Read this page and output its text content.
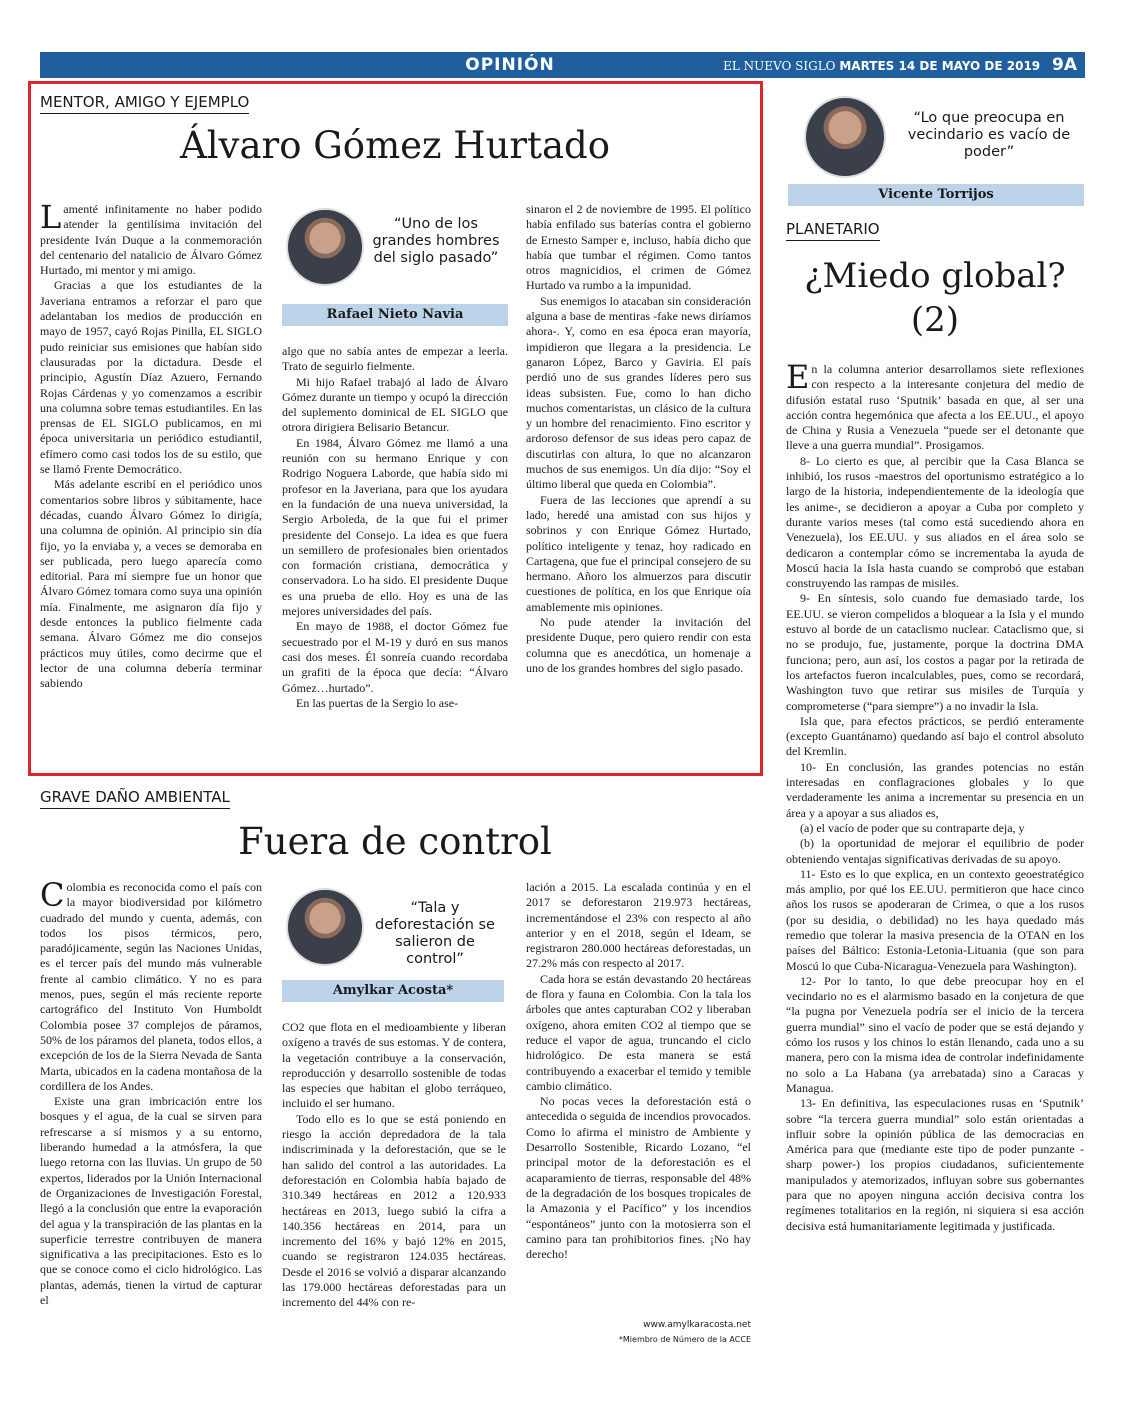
OPINIÓN	EL NUEVO SIGLO MARTES 14 DE MAYO DE 2019 9A
MENTOR, AMIGO Y EJEMPLO
Álvaro Gómez Hurtado

Lamenté infinitamente no haber podido atender la gentilísima invitación del presidente Iván Duque a la conmemoración del centenario del natalicio de Álvaro Gómez Hurtado, mi mentor y mi amigo.

Gracias a que los estudiantes de la Javeriana entramos a reforzar el paro que adelantaban los medios de producción en mayo de 1957, cayó Rojas Pinilla, EL SIGLO pudo reiniciar sus emisiones que habían sido clausuradas por la dictadura. Desde el principio, Agustín Díaz Azuero, Fernando Rojas Cárdenas y yo comenzamos a escribir una columna sobre temas estudiantiles. En las prensas de EL SIGLO publicamos, en mi época universitaria un periódico estudiantil, efímero como casi todos los de su estilo, que se llamó Frente Democrático.

Más adelante escribí en el periódico unos comentarios sobre libros y súbitamente, hace décadas, cuando Álvaro Gómez lo dirigía, una columna de opinión. Al principio sin día fijo, yo la enviaba y, a veces se demoraba en ser publicada, pero luego aparecía como editorial. Para mí siempre fue un honor que Álvaro Gómez tomara como suya una opinión mía. Finalmente, me asignaron día fijo y desde entonces la publico fielmente cada semana. Álvaro Gómez me dio consejos prácticos muy útiles, como decirme que el lector de una columna debería terminar sabiendo

“Uno de los grandes hombres del siglo pasado”
Rafael Nieto Navia

algo que no sabía antes de empezar a leerla. Trato de seguirlo fielmente.

Mi hijo Rafael trabajó al lado de Álvaro Gómez durante un tiempo y ocupó la dirección del suplemento dominical de EL SIGLO que otrora dirigiera Belisario Betancur.

En 1984, Álvaro Gómez me llamó a una reunión con su hermano Enrique y con Rodrigo Noguera Laborde, que había sido mi profesor en la Javeriana, para que los ayudara en la fundación de una nueva universidad, la Sergio Arboleda, de la que fui el primer presidente del Consejo. La idea es que fuera un semillero de profesionales bien orientados con formación cristiana, democrática y conservadora. Lo ha sido. El presidente Duque es una prueba de ello. Hoy es una de las mejores universidades del país.

En mayo de 1988, el doctor Gómez fue secuestrado por el M-19 y duró en sus manos casi dos meses. Él sonreía cuando recordaba un grafiti de la época que decía: “Álvaro Gómez…hurtado”.

En las puertas de la Sergio lo ase-

sinaron el 2 de noviembre de 1995. El político había enfilado sus baterías contra el gobierno de Ernesto Samper e, incluso, había dicho que había que tumbar el régimen. Como tantos otros magnicidios, el crimen de Gómez Hurtado va rumbo a la impunidad.

Sus enemigos lo atacaban sin consideración alguna a base de mentiras -fake news diríamos ahora-. Y, como en esa época eran mayoría, impidieron que llegara a la presidencia. Le ganaron López, Barco y Gaviria. El país perdió uno de sus grandes líderes pero sus ideas subsisten. Fue, como lo han dicho muchos comentaristas, un clásico de la cultura y un hombre del renacimiento. Fino escritor y ardoroso defensor de sus ideas pero capaz de discutirlas con altura, lo que no alcanzaron muchos de sus enemigos. Un día dijo: “Soy el último liberal que queda en Colombia”.

Fuera de las lecciones que aprendí a su lado, heredé una amistad con sus hijos y sobrinos y con Enrique Gómez Hurtado, político inteligente y tenaz, hoy radicado en Cartagena, que fue el principal consejero de su hermano. Añoro los almuerzos para discutir cuestiones de política, en los que Enrique oía amablemente mis opiniones.

No pude atender la invitación del presidente Duque, pero quiero rendir con esta columna que es anecdótica, un homenaje a uno de los grandes hombres del siglo pasado.

GRAVE DAÑO AMBIENTAL
Fuera de control

Colombia es reconocida como el país con la mayor biodiversidad por kilómetro cuadrado del mundo y cuenta, además, con todos los pisos térmicos, pero, paradójicamente, según las Naciones Unidas, es el tercer país del mundo más vulnerable frente al cambio climático. Y no es para menos, pues, según el más reciente reporte cartográfico del Instituto Von Humboldt Colombia posee 37 complejos de páramos, 50% de los páramos del planeta, todos ellos, a excepción de los de la Sierra Nevada de Santa Marta, ubicados en la cadena montañosa de la cordillera de los Andes.

Existe una gran imbricación entre los bosques y el agua, de la cual se sirven para refrescarse a sí mismos y a su entorno, liberando humedad a la atmósfera, la que luego retorna con las lluvias. Un grupo de 50 expertos, liderados por la Unión Internacional de Organizaciones de Investigación Forestal, llegó a la conclusión que entre la evaporación del agua y la transpiración de las plantas en la superficie terrestre contribuyen de manera significativa a las precipitaciones. Esto es lo que se conoce como el ciclo hidrológico. Las plantas, además, tienen la virtud de capturar el

“Tala y deforestación se salieron de control”
Amylkar Acosta*

CO2 que flota en el medioambiente y liberan oxígeno a través de sus estomas. Y de contera, la vegetación contribuye a la conservación, reproducción y desarrollo sostenible de todas las especies que habitan el globo terráqueo, incluido el ser humano.

Todo ello es lo que se está poniendo en riesgo la acción depredadora de la tala indiscriminada y la deforestación, que se le han salido del control a las autoridades. La deforestación en Colombia había bajado de 310.349 hectáreas en 2012 a 120.933 hectáreas en 2013, luego subió la cifra a 140.356 hectáreas en 2014, para un incremento del 16% y bajó 12% en 2015, cuando se registraron 124.035 hectáreas. Desde el 2016 se volvió a disparar alcanzando las 179.000 hectáreas deforestadas para un incremento del 44% con re-

lación a 2015. La escalada continúa y en el 2017 se deforestaron 219.973 hectáreas, incrementándose el 23% con respecto al año anterior y en el 2018, según el Ideam, se registraron 280.000 hectáreas deforestadas, un 27.2% más con respecto al 2017.

Cada hora se están devastando 20 hectáreas de flora y fauna en Colombia. Con la tala los árboles que antes capturaban CO2 y liberaban oxígeno, ahora emiten CO2 al tiempo que se reduce el vapor de agua, truncando el ciclo hidrológico. De esta manera se está contribuyendo a exacerbar el temido y temible cambio climático.

No pocas veces la deforestación está o antecedida o seguida de incendios provocados. Como lo afirma el ministro de Ambiente y Desarrollo Sostenible, Ricardo Lozano, “el principal motor de la deforestación es el acaparamiento de tierras, responsable del 48% de la degradación de los bosques tropicales de la Amazonia y el Pacífico” y los incendios “espontáneos” junto con la motosierra son el camino para tan prohibitorios fines. ¡No hay derecho!

www.amylkaracosta.net
*Miembro de Número de la ACCE
“Lo que preocupa en vecindario es vacío de poder”
Vicente Torrijos
PLANETARIO
¿Miedo global?
(2)

En la columna anterior desarrollamos siete reflexiones con respecto a la interesante conjetura del medio de difusión estatal ruso ‘Sputnik’ basada en que, al ser una acción contra hegemónica que afecta a los EE.UU., el apoyo de China y Rusia a Venezuela “puede ser el detonante que lleve a una guerra mundial”. Prosigamos.

8- Lo cierto es que, al percibir que la Casa Blanca se inhibió, los rusos -maestros del oportunismo estratégico a lo largo de la historia, independientemente de la ideología que les anime-, se decidieron a apoyar a Cuba por completo y durante varios meses (tal como está sucediendo ahora en Venezuela), los EE.UU. y sus aliados en el área solo se dedicaron a contemplar cómo se incrementaba la ayuda de Moscú hacia la Isla hasta cuando se comprobó que estaban construyendo las rampas de misiles.

9- En síntesis, solo cuando fue demasiado tarde, los EE.UU. se vieron compelidos a bloquear a la Isla y el mundo estuvo al borde de un cataclismo nuclear. Cataclismo que, si no se produjo, fue, justamente, porque la doctrina DMA funciona; pero, aun así, los costos a pagar por la retirada de los artefactos fueron incalculables, pues, como se recordará, Washington tuvo que retirar sus misiles de Turquía y comprometerse (“para siempre”) a no invadir la Isla.

Isla que, para efectos prácticos, se perdió enteramente (excepto Guantánamo) quedando así bajo el control absoluto del Kremlin.

10- En conclusión, las grandes potencias no están interesadas en conflagraciones globales y lo que verdaderamente les anima a incrementar su presencia en un área y a apoyar a sus aliados es,

(a) el vacío de poder que su contraparte deja, y

(b) la oportunidad de mejorar el equilibrio de poder obteniendo ventajas significativas derivadas de su apoyo.

11- Esto es lo que explica, en un contexto geoestratégico más amplio, por qué los EE.UU. permitieron que hace cinco años los rusos se apoderaran de Crimea, o que a los rusos (por su desidia, o debilidad) no les haya quedado más remedio que tolerar la masiva presencia de la OTAN en los países del Báltico: Estonia-Letonia-Lituania (que son para Moscú lo que Cuba-Nicaragua-Venezuela para Washington).

12- Por lo tanto, lo que debe preocupar hoy en el vecindario no es el alarmismo basado en la conjetura de que “la pugna por Venezuela podría ser el inicio de la tercera guerra mundial” sino el vacío de poder que se está dejando y cómo los rusos y los chinos lo están llenando, cada uno a su manera, pero con la misma idea de controlar indefinidamente no solo a La Habana (ya arrebatada) sino a Caracas y Managua.

13- En definitiva, las especulaciones rusas en ‘Sputnik’ sobre “la tercera guerra mundial” solo están orientadas a influir sobre la opinión pública de las democracias en América para que (mediante este tipo de poder punzante -sharp power-) los propios ciudadanos, suficientemente manipulados y atemorizados, influyan sobre sus gobernantes para que no apoyen ninguna acción decisiva contra los regímenes totalitarios en la región, ni siquiera si esa acción decisiva está humanitariamente legitimada y justificada.
